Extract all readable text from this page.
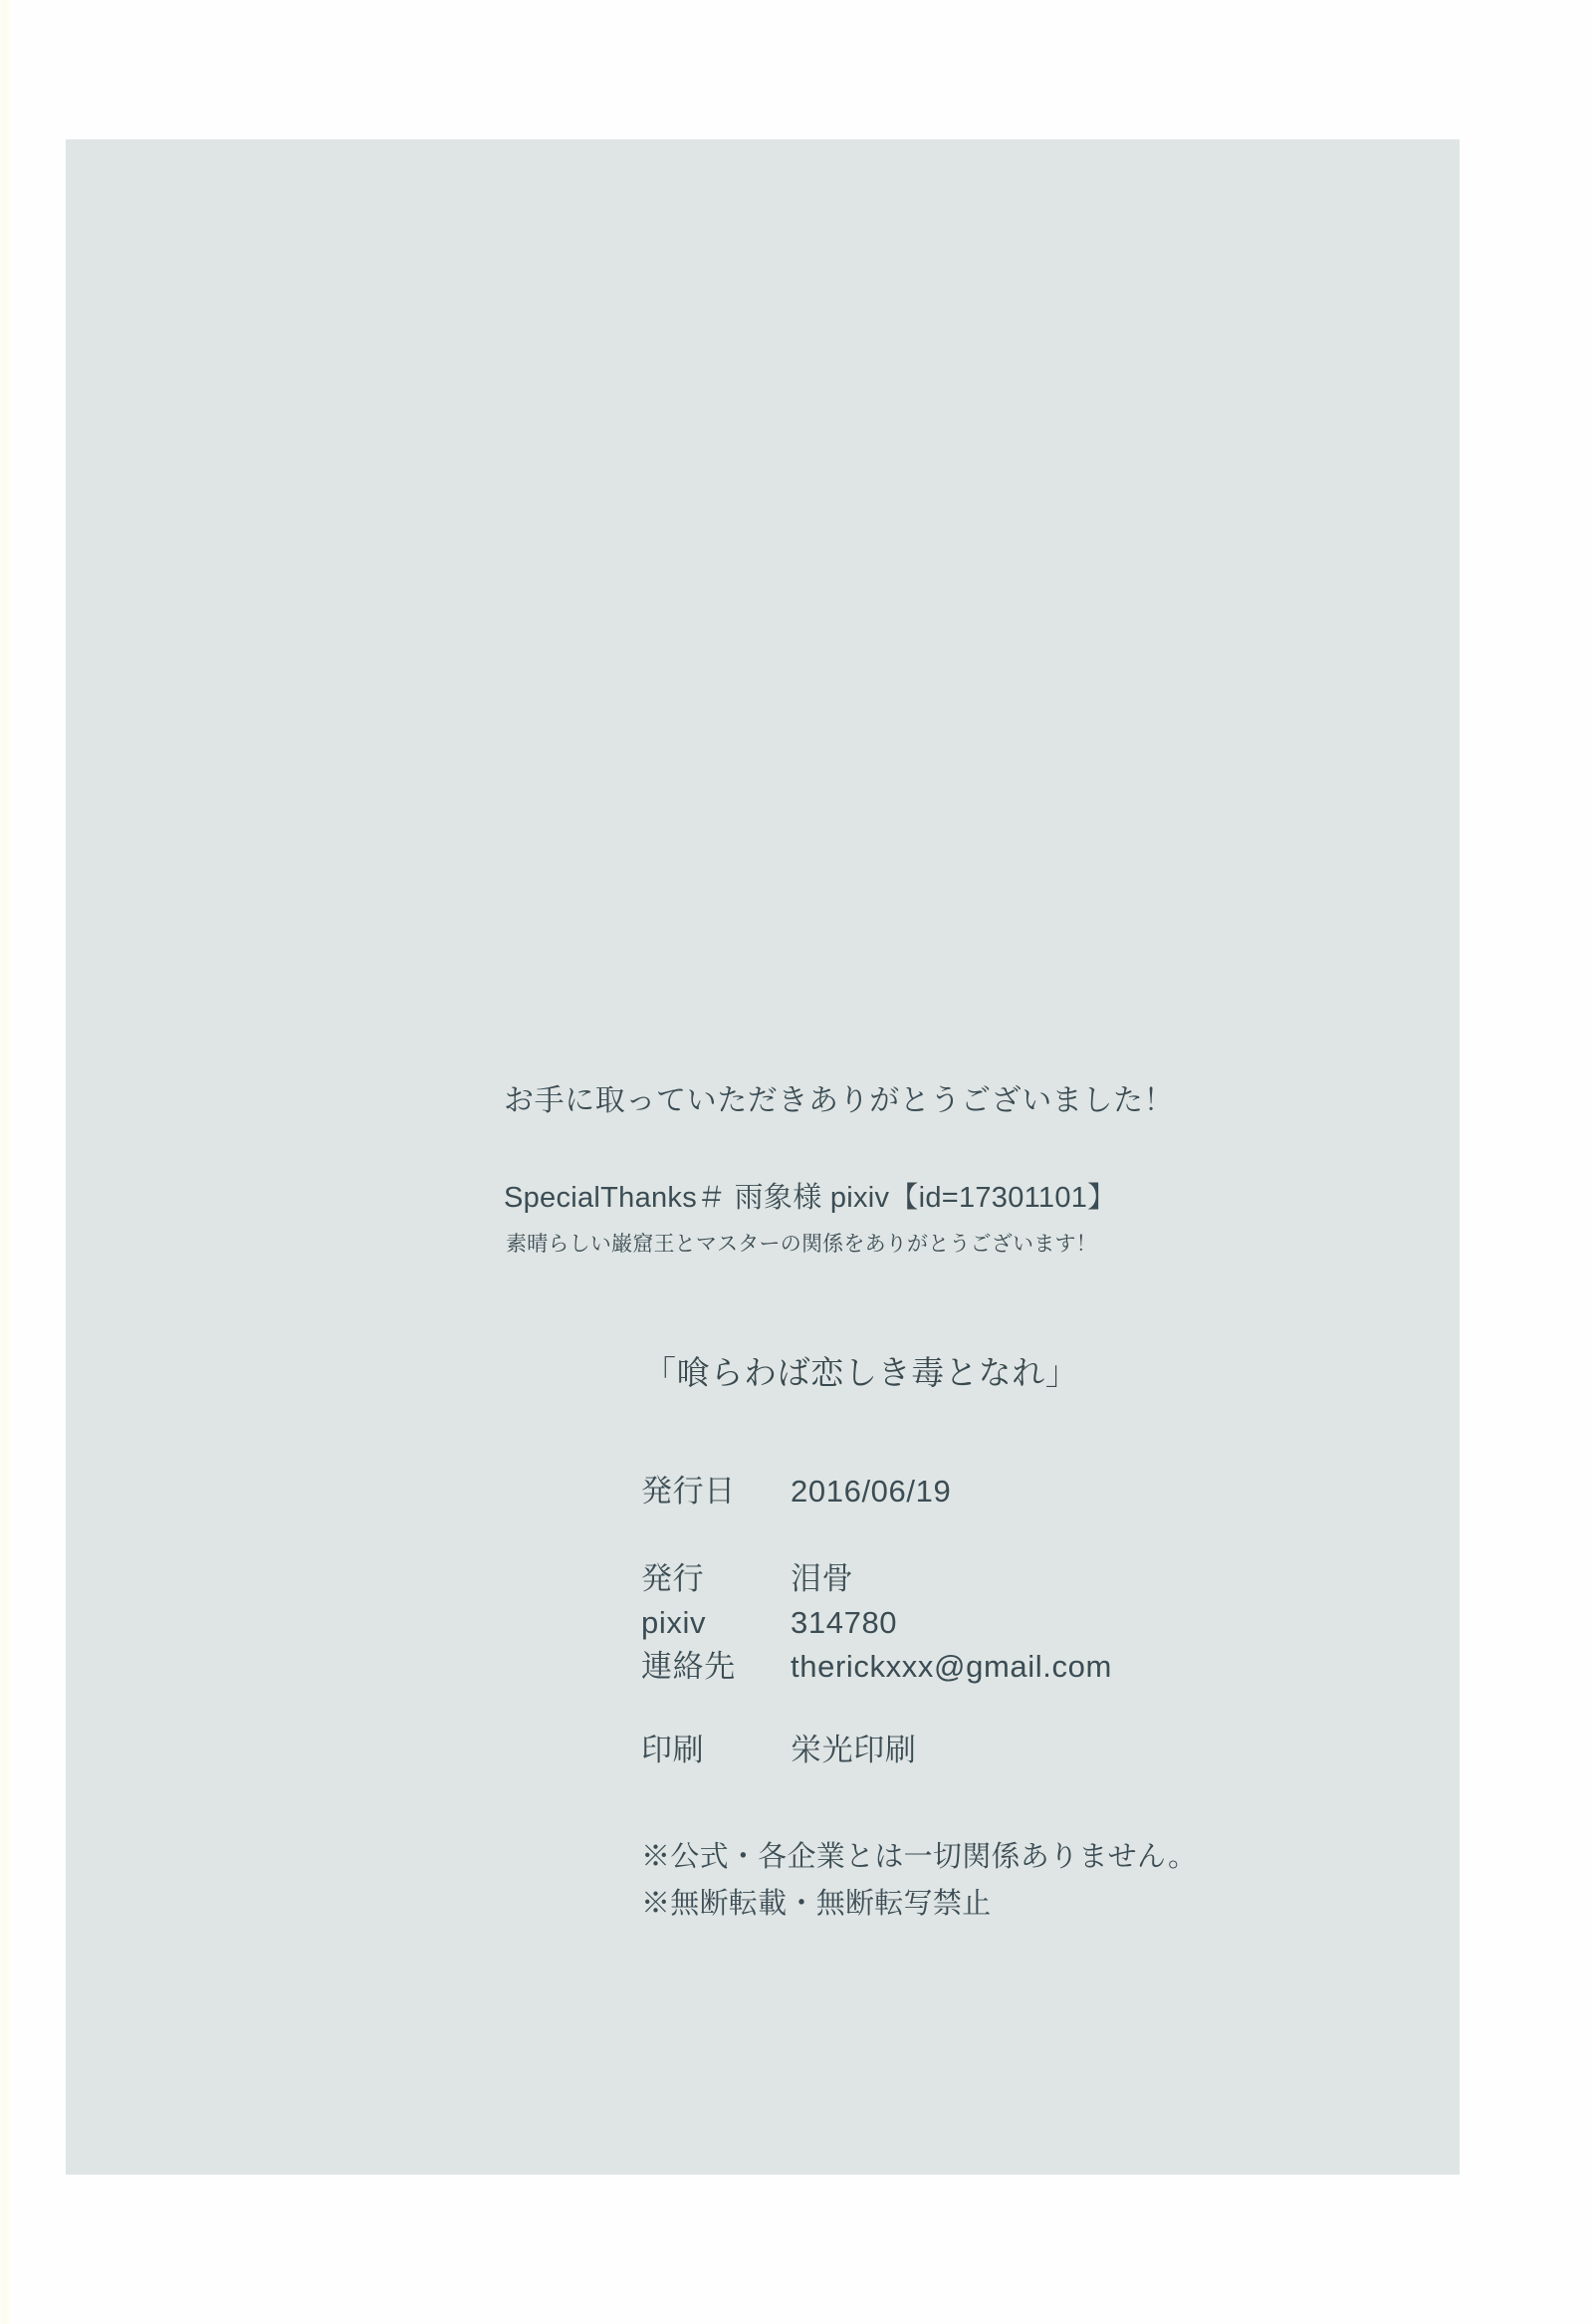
お手に取っていただきありがとうございました！
SpecialThanks＃ 雨象様 pixiv【id=17301101】
素晴らしい巌窟王とマスターの関係をありがとうございます！
「喰らわば恋しき毒となれ」
発行日	2016/06/19
発行	泪骨
pixiv	314780
連絡先	therickxxx@gmail.com
印刷	栄光印刷
※公式・各企業とは一切関係ありません。
※無断転載・無断転写禁止
